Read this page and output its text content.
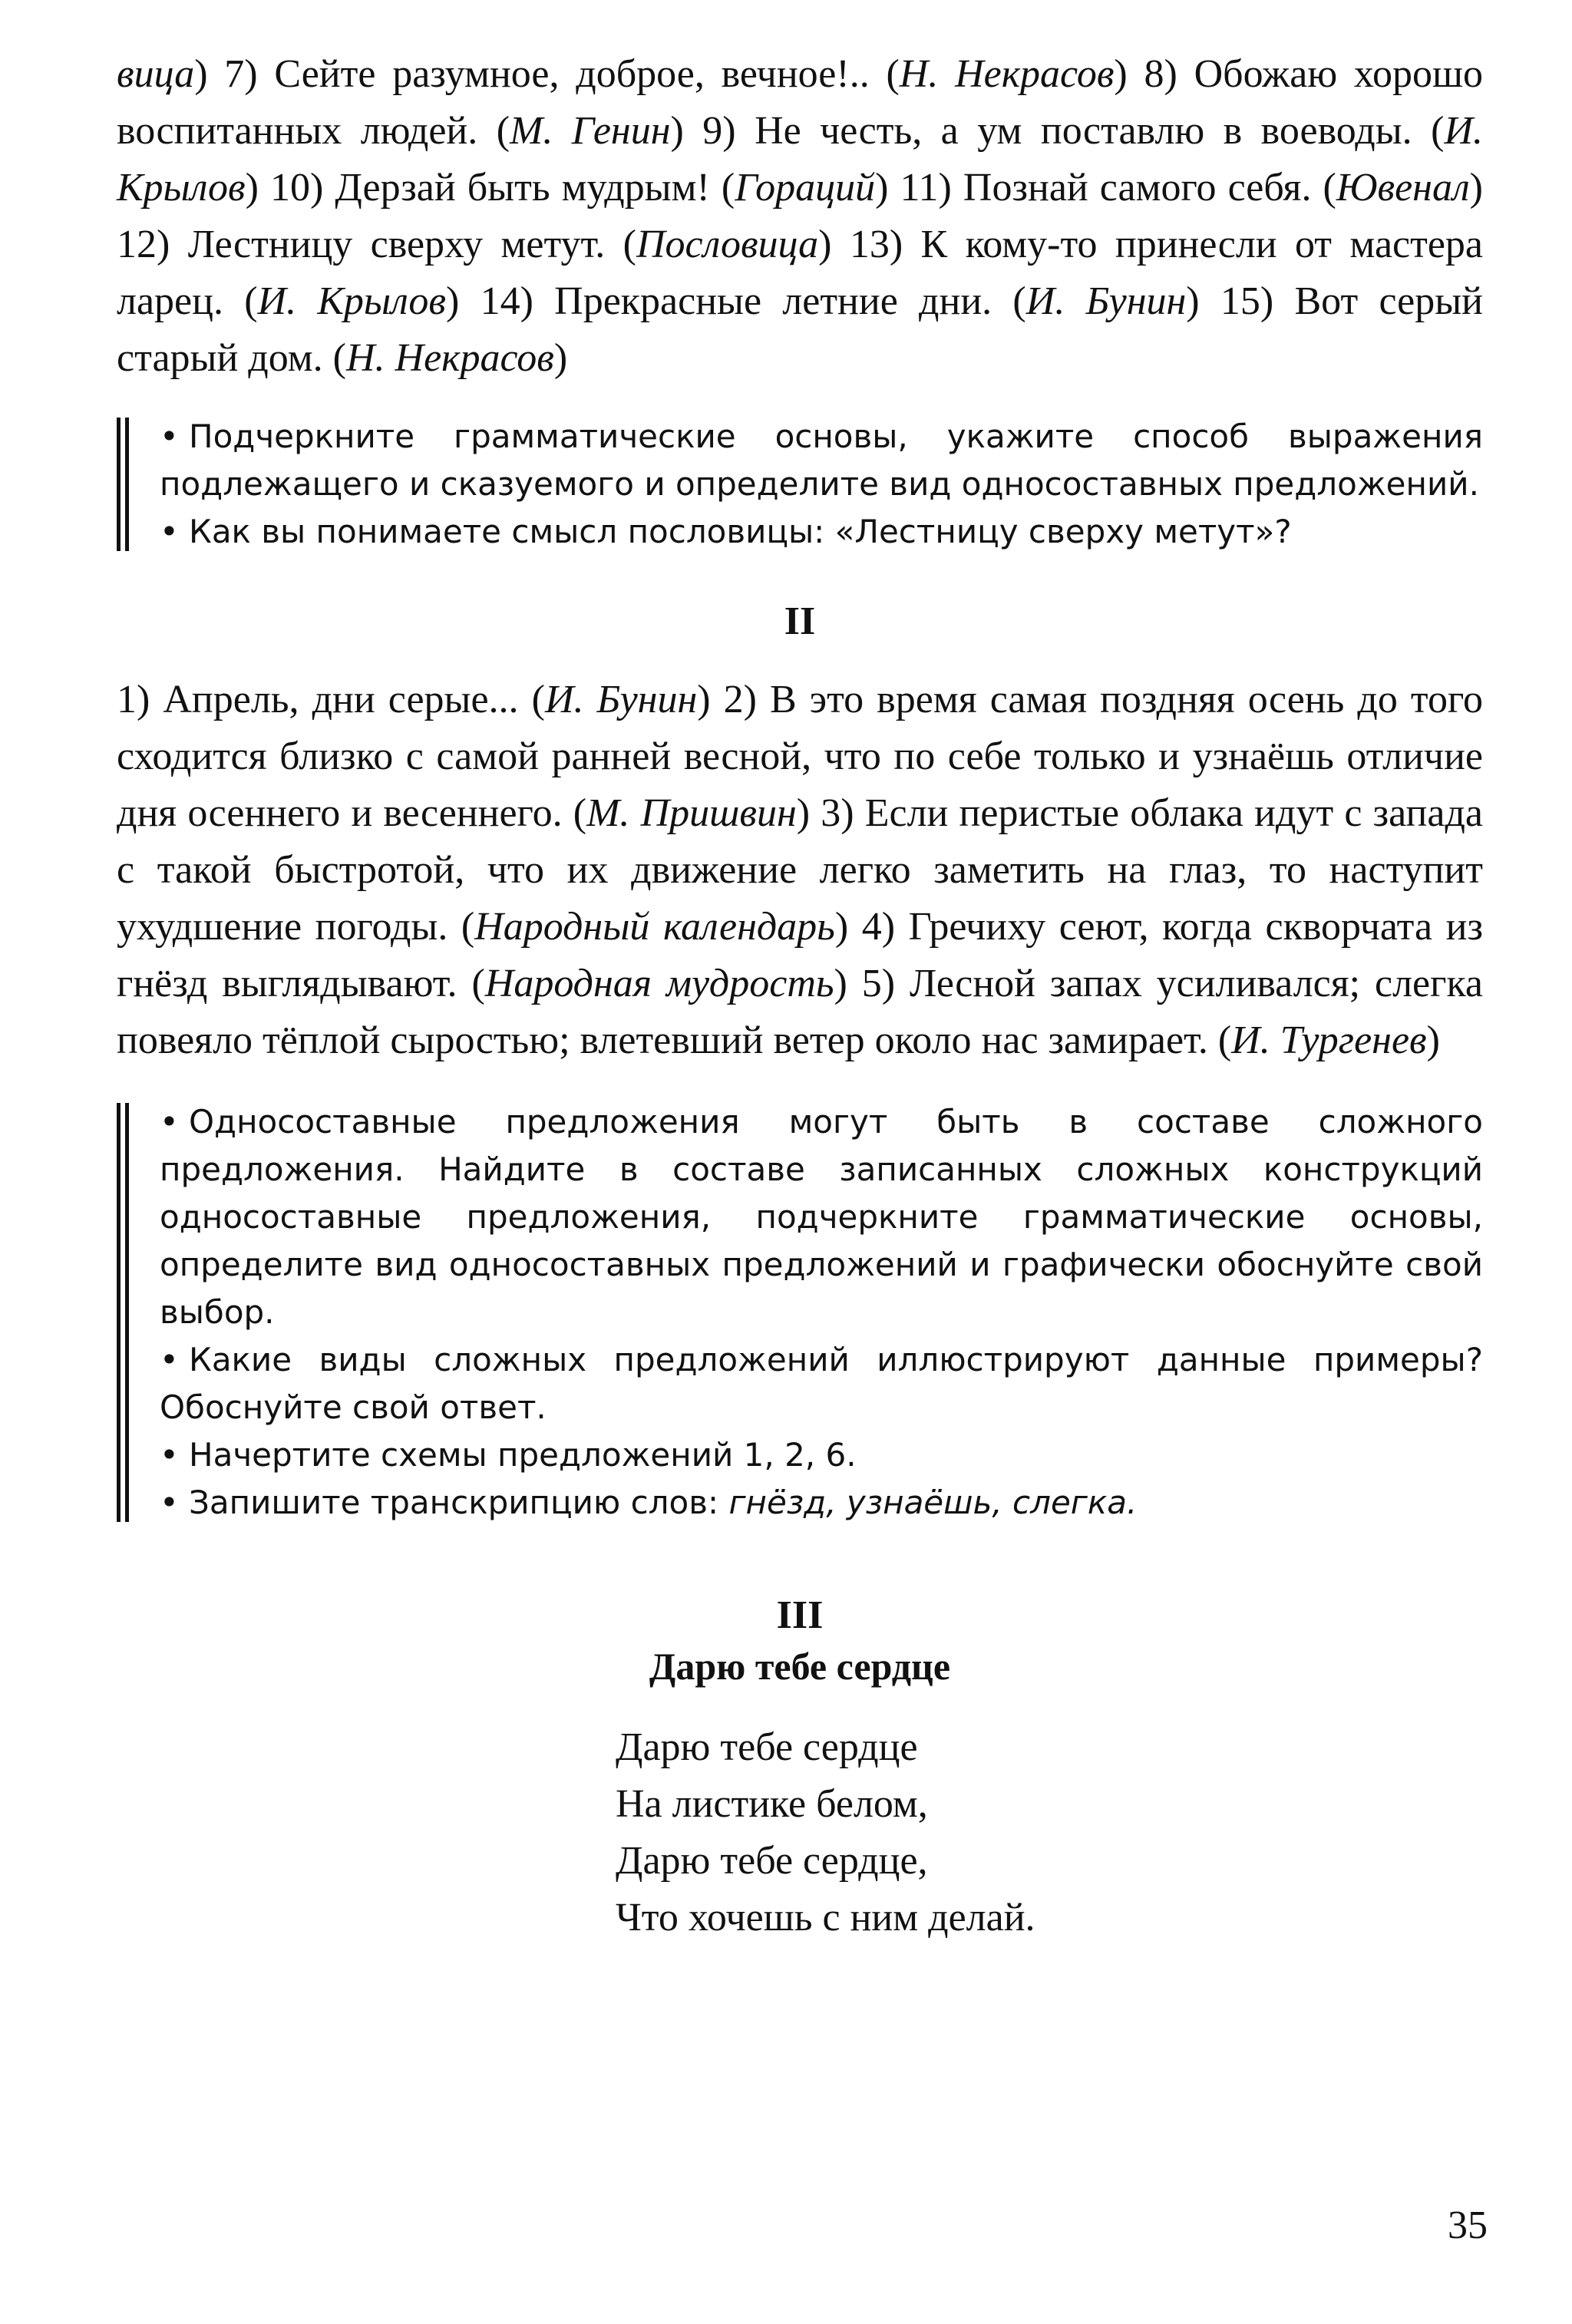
вица) 7) Сейте разумное, доброе, вечное!.. (Н. Некрасов) 8) Обожаю хорошо воспитанных людей. (М. Генин) 9) Не честь, а ум поставлю в воеводы. (И. Крылов) 10) Дерзай быть мудрым! (Гораций) 11) Познай самого себя. (Ювенал) 12) Лестницу сверху метут. (Пословица) 13) К кому-то принесли от мастера ларец. (И. Крылов) 14) Прекрасные летние дни. (И. Бунин) 15) Вот серый старый дом. (Н. Некрасов)

• Подчеркните грамматические основы, укажите способ выражения подлежащего и сказуемого и определите вид односоставных предложений.

• Как вы понимаете смысл пословицы: «Лестницу сверху метут»?

II

1) Апрель, дни серые... (И. Бунин) 2) В это время самая поздняя осень до того сходится близко с самой ранней весной, что по себе только и узнаёшь отличие дня осеннего и весеннего. (М. Пришвин) 3) Если перистые облака идут с запада с такой быстротой, что их движение легко заметить на глаз, то наступит ухудшение погоды. (Народный календарь) 4) Гречиху сеют, когда скворчата из гнёзд выглядывают. (Народная мудрость) 5) Лесной запах усиливался; слегка повеяло тёплой сыростью; влетевший ветер около нас замирает. (И. Тургенев)

• Односоставные предложения могут быть в составе сложного предложения. Найдите в составе записанных сложных конструкций односоставные предложения, подчеркните грамматические основы, определите вид односоставных предложений и графически обоснуйте свой выбор.

• Какие виды сложных предложений иллюстрируют данные примеры? Обоснуйте свой ответ.

• Начертите схемы предложений 1, 2, 6.

• Запишите транскрипцию слов: гнёзд, узнаёшь, слегка.

III

Дарю тебе сердце

Дарю тебе сердце
На листике белом,
Дарю тебе сердце,
Что хочешь с ним делай.
35
